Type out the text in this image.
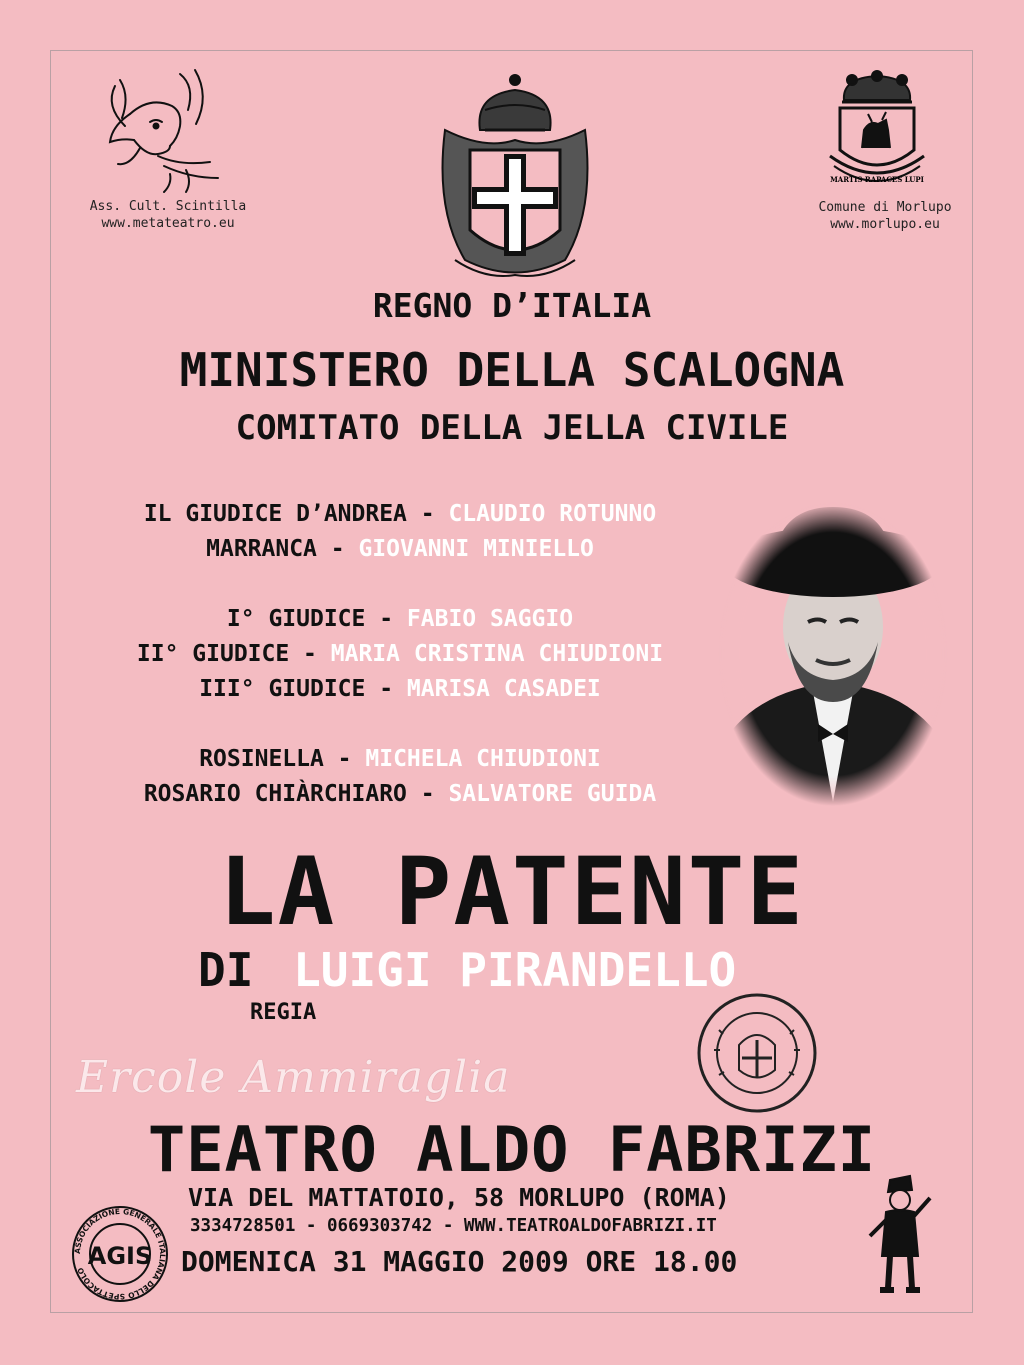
Ass. Cult. Scintilla
www.metateatro.eu
MARTIS RAPACES LUPI
Comune di Morlupo
www.morlupo.eu
REGNO D’ITALIA
MINISTERO DELLA SCALOGNA
COMITATO DELLA JELLA CIVILE
IL GIUDICE D’ANDREA - CLAUDIO ROTUNNO
MARRANCA - GIOVANNI MINIELLO
I° GIUDICE - FABIO SAGGIO
II° GIUDICE - MARIA CRISTINA CHIUDIONI
III° GIUDICE - MARISA CASADEI
ROSINELLA - MICHELA CHIUDIONI
ROSARIO CHIÀRCHIARO - SALVATORE GUIDA
LA PATENTE
DI LUIGI PIRANDELLO
REGIA
Ercole Ammiraglia
TEATRO ALDO FABRIZI
VIA DEL MATTATOIO, 58 MORLUPO (ROMA)
3334728501 - 0669303742 - WWW.TEATROALDOFABRIZI.IT
DOMENICA 31 MAGGIO 2009 ORE 18.00
ASSOCIAZIONE GENERALE ITALIANA DELLO SPETTACOLO
AGIS
